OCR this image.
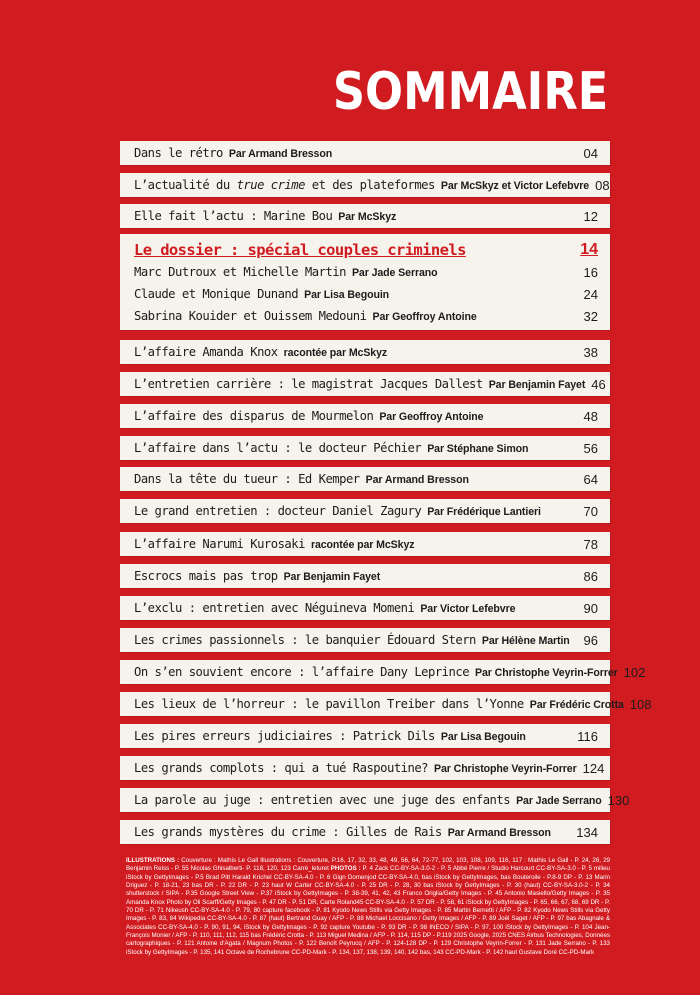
SOMMAIRE
Dans le rétro Par Armand Bresson	04
L’actualité du true crime et des plateformes Par McSkyz et Victor Lefebvre 08
Elle fait l’actu : Marine Bou Par McSkyz	12
Le dossier : spécial couples criminels	14
Marc Dutroux et Michelle Martin Par Jade Serrano	16
Claude et Monique Dunand Par Lisa Begouin	24
Sabrina Kouider et Ouissem Medouni Par Geoffroy Antoine	32
L’affaire Amanda Knox racontée par McSkyz	38
L’entretien carrière : le magistrat Jacques Dallest Par Benjamin Fayet 46
L’affaire des disparus de Mourmelon Par Geoffroy Antoine	48
L’affaire dans l’actu : le docteur Péchier Par Stéphane Simon	56
Dans la tête du tueur : Ed Kemper Par Armand Bresson	64
Le grand entretien : docteur Daniel Zagury Par Frédérique Lantieri	70
L’affaire Narumi Kurosaki racontée par McSkyz	78
Escrocs mais pas trop Par Benjamin Fayet	86
L’exclu : entretien avec Néguineva Momeni Par Victor Lefebvre	90
Les crimes passionnels : le banquier Édouard Stern Par Hélène Martin 96
On s’en souvient encore : l’affaire Dany Leprince Par Christophe Veyrin-Forrer 102
Les lieux de l’horreur : le pavillon Treiber dans l’Yonne Par Frédéric Crotta 108
Les pires erreurs judiciaires : Patrick Dils Par Lisa Begouin	116
Les grands complots : qui a tué Raspoutine? Par Christophe Veyrin-Forrer 124
La parole au juge : entretien avec une juge des enfants Par Jade Serrano 130
Les grands mystères du crime : Gilles de Rais Par Armand Bresson 134
ILLUSTRATIONS : Couverture : Mathis Le Gall Illustrations : Couverture, P.16, 17, 32, 33, 48, 49, 56, 64, 72-77, 102, 103, 108, 109, 116, 117 : Mathis Le Gall - P. 24, 26, 29 Benjamin Reiss - P. 55 Nicolas Ghisalberti- P. 118, 120, 123 Carré_leturet PHOTOS : P. 4 Zack CC-BY-SA-3.0-2 - P. 5 Abbé Pierre / Studio Harcourt CC-BY-SA-3.0 - P. 5 milieu iStock by GettyImages - P.5 Brad Pitt Harald Krichel CC-BY-SA-4.0 - P. 6 Gign Domenjod CC-BY-SA-4.0, bas iStock by GettyImages, bas Bouteroile - P.8-9 DP - P. 13 Marin Driguez - P. 18-21, 23 bas DR - P. 22 DR - P. 23 haut W Carter CC-BY-SA-4.0 - P. 25 DR - P. 28, 30 bas iStock by GettyImages - P. 30 (haut) CC-BY-SA-3.0-2 - P. 34 shutterstock / SIPA - P.35 Google Street View - P.37 iStock by GettyImages - P. 38-39, 41, 42, 43 Franco Origlia/Getty Images - P. 45 Antonio Masiello/Getty Images - P. 35 Amanda Knox Photo by Oli Scarff/Getty Images - P. 47 DR - P. 51 DR, Carte Roland45 CC-BY-SA-4.0 - P. 57 DR - P. 58, 61 iStock by GettyImages - P. 65, 66, 67, 68, 69 DR - P. 70 DR - P. 71 Nikeush CC-BY-SA-4.0 - P. 79, 80 capture facebook - P. 81 Kyodo News Stills via Getty Images - P. 85 Martin Bernetti / AFP - P. 82 Kyodo News Stills via Getty Images - P. 83, 84 Wikipedia CC-BY-SA-4.0 - P. 87 (haut) Bertrand Guay / AFP - P. 88 Michael Loccisano / Getty Images / AFP - P. 89 Joël Saget / AFP - P. 97 bas Abagnale & Associates CC-BY-SA-4.0 - P. 90, 91, 94, iStock by GettyImages - P. 92 capture Youtube - P. 93 DR - P. 98 INECO / SIPA - P. 97, 100 iStock by GettyImages - P. 104 Jean-François Monier / AFP - P. 110, 111, 112, 115 bas Frédéric Crotta - P. 113 Miguel Medina / AFP - P. 114, 115 DP - P.119 2025 Google, 2025 CNES Airbus Technologies, Données cartographiques - P. 121 Antoine d’Agata / Magnum Photos - P. 122 Benoît Peyrucq / AFP - P. 124-128 DP - P. 129 Christophe Veyrin-Forrer - P. 131 Jade Serrano - P. 133 iStock by GettyImages - P. 135, 141 Octave de Rochebrune CC-PD-Mark - P. 134, 137, 138, 139, 140, 142 bas, 143 CC-PD-Mark - P. 142 haut Gustave Doré CC-PD-Mark
